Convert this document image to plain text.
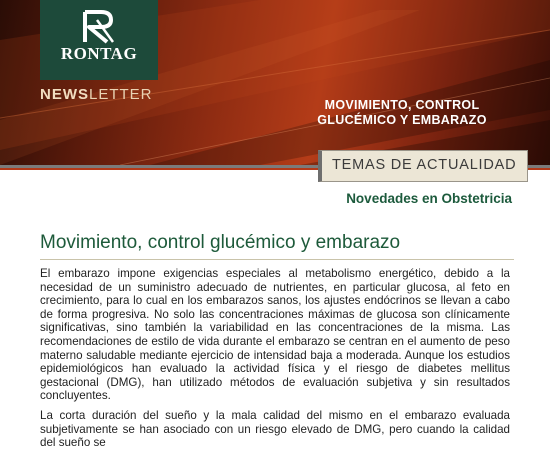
RONTAG
NEWSLETTER
MOVIMIENTO, CONTROL
GLUCÉMICO Y EMBARAZO
TEMAS DE ACTUALIDAD
Novedades en Obstetricia
Movimiento, control glucémico y embarazo

El embarazo impone exigencias especiales al metabolismo energético, debido a la necesidad de un suministro adecuado de nutrientes, en particular glucosa, al feto en crecimiento, para lo cual en los embarazos sanos, los ajustes endócrinos se llevan a cabo de forma progresiva. No solo las concentraciones máximas de glucosa son clínicamente significativas, sino también la variabilidad en las concentraciones de la misma. Las recomendaciones de estilo de vida durante el embarazo se centran en el aumento de peso materno saludable mediante ejercicio de intensidad baja a moderada. Aunque los estudios epidemiológicos han evaluado la actividad física y el riesgo de diabetes mellitus gestacional (DMG), han utilizado métodos de evaluación subjetiva y sin resultados concluyentes.

La corta duración del sueño y la mala calidad del mismo en el embarazo evaluada subjetivamente se han asociado con un riesgo elevado de DMG, pero cuando la calidad del sueño se
